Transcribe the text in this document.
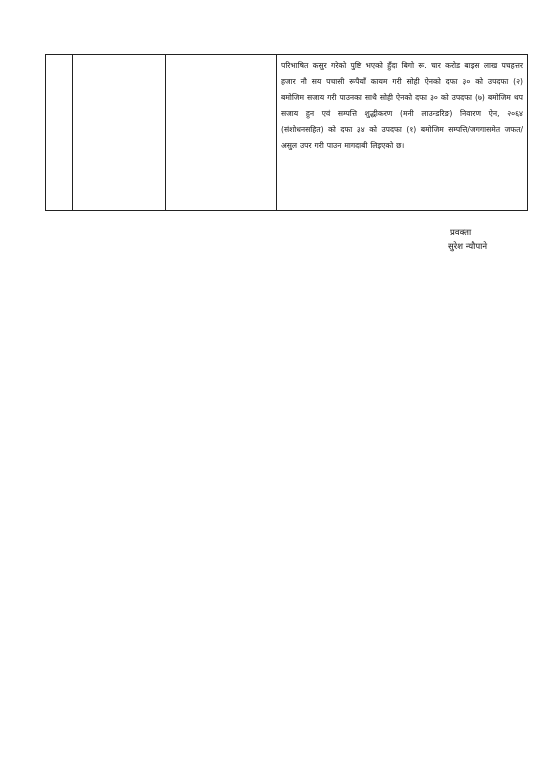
परिभाषित कसुर गरेको पुष्टि भएको हुँदा बिगो रू. चार करोड बाइस लाख पचहत्तर हजार नौ सय पचासी रूपैयाँ कायम गरी सोही ऐनको दफा ३० को उपदफा (२) बमोजिम सजाय गरी पाउनका साथै सोही ऐनको दफा ३० को उपदफा (७) बमोजिम थप सजाय हुन एवं सम्पत्ति शुद्धीकरण (मनी लाउन्डरिङ) निवारण ऐन, २०६४ (संशोधनसहित) को दफा ३४ को उपदफा (१) बमोजिम सम्पत्ति/जगगासमेत जफत/असुल उपर गरी पाउन मागदाबी लिइएको छ।
प्रवक्ता
सुरेश न्यौपाने
